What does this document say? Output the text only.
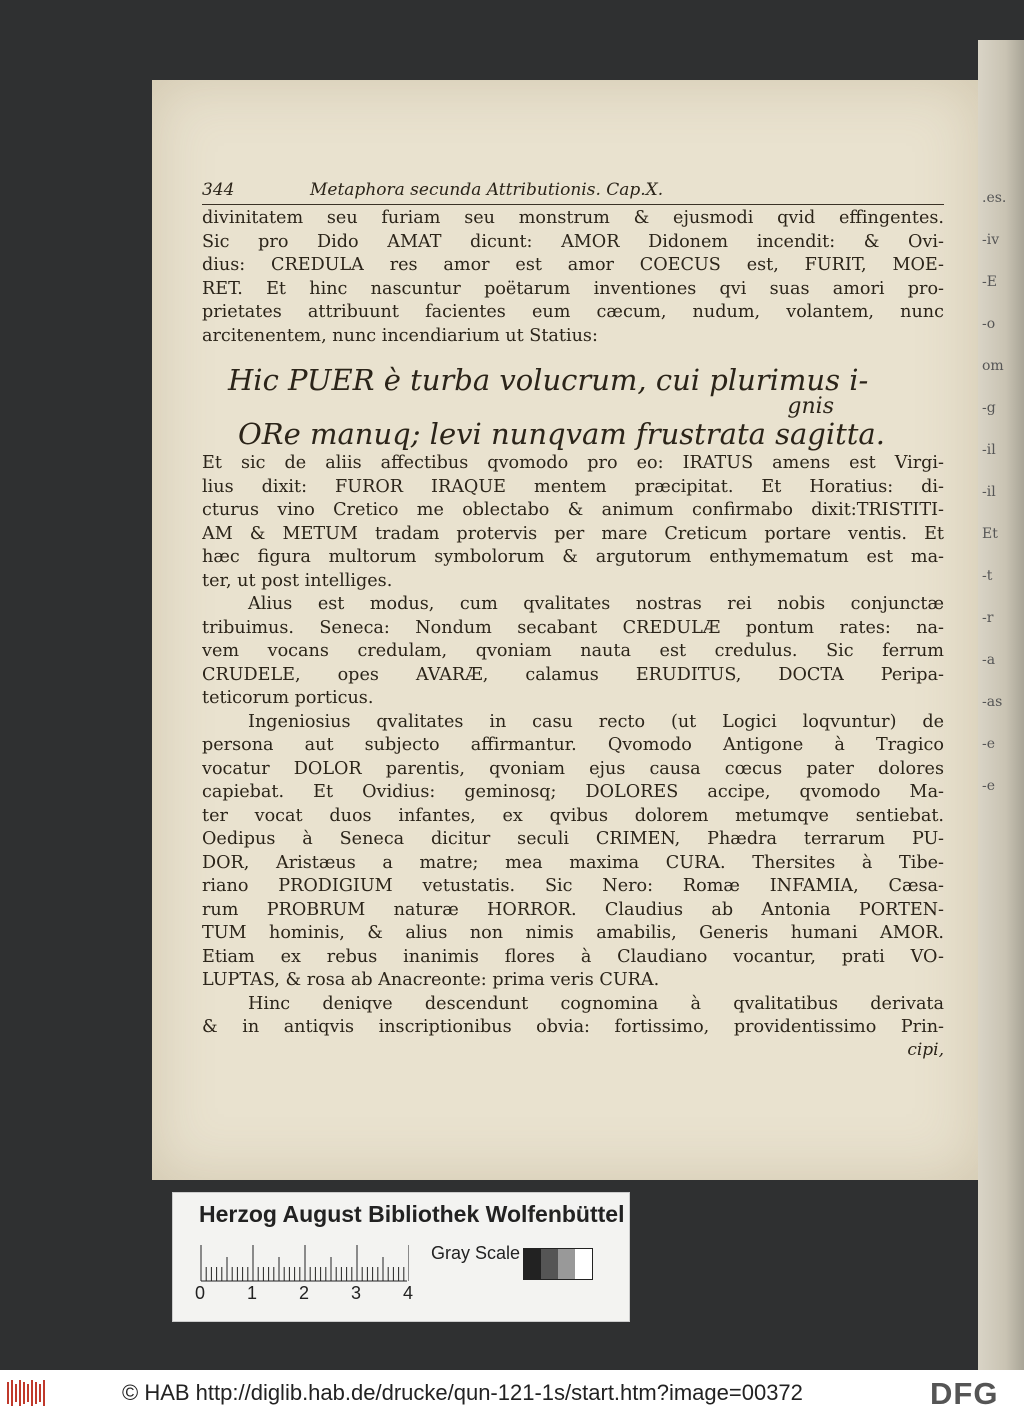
.es.
-iv
-E
-o
om
-g
-il
-il
Et
-t
-r
-a
-as
-e
-e
344	Metaphora secunda Attributionis. Cap.X.
divinitatem seu furiam seu monstrum & ejusmodi qvid effingentes.
Sic pro Dido AMAT dicunt: AMOR Didonem incendit: & Ovi-
dius: CREDULA res amor est amor COECUS est, FURIT, MOE-
RET. Et hinc nascuntur poëtarum inventiones qvi suas amori pro-
prietates attribuunt facientes eum cæcum, nudum, volantem, nunc
arcitenentem, nunc incendiarium ut Statius:
Hic PUER è turba volucrum, cui plurimus i-
gnis
ORe manuq; levi nunqvam frustrata sagitta.
Et sic de aliis affectibus qvomodo pro eo: IRATUS amens est Virgi-
lius dixit: FUROR IRAQUE mentem præcipitat. Et Horatius: di-
cturus vino Cretico me oblectabo & animum confirmabo dixit:TRISTITI-
AM & METUM tradam protervis per mare Creticum portare ventis. Et
hæc figura multorum symbolorum & argutorum enthymematum est ma-
ter, ut post intelliges.
Alius est modus, cum qvalitates nostras rei nobis conjunctæ
tribuimus. Seneca: Nondum secabant CREDULÆ pontum rates: na-
vem vocans credulam, qvoniam nauta est credulus. Sic ferrum
CRUDELE, opes AVARÆ, calamus ERUDITUS, DOCTA Peripa-
teticorum porticus.
Ingeniosius qvalitates in casu recto (ut Logici loqvuntur) de
persona aut subjecto affirmantur. Qvomodo Antigone à Tragico
vocatur DOLOR parentis, qvoniam ejus causa cœcus pater dolores
capiebat. Et Ovidius: geminosq; DOLORES accipe, qvomodo Ma-
ter vocat duos infantes, ex qvibus dolorem metumqve sentiebat.
Oedipus à Seneca dicitur seculi CRIMEN, Phædra terrarum PU-
DOR, Aristæus a matre; mea maxima CURA. Thersites à Tibe-
riano PRODIGIUM vetustatis. Sic Nero: Romæ INFAMIA, Cæsa-
rum PROBRUM naturæ HORROR. Claudius ab Antonia PORTEN-
TUM hominis, & alius non nimis amabilis, Generis humani AMOR.
Etiam ex rebus inanimis flores à Claudiano vocantur, prati VO-
LUPTAS, & rosa ab Anacreonte: prima veris CURA.
Hinc deniqve descendunt cognomina à qvalitatibus derivata
& in antiqvis inscriptionibus obvia: fortissimo, providentissimo Prin-
cipi,
Herzog August Bibliothek Wolfenbüttel
0 1 2 3 4
Gray Scale
© HAB http://diglib.hab.de/drucke/qun-121-1s/start.htm?image=00372	DFG
